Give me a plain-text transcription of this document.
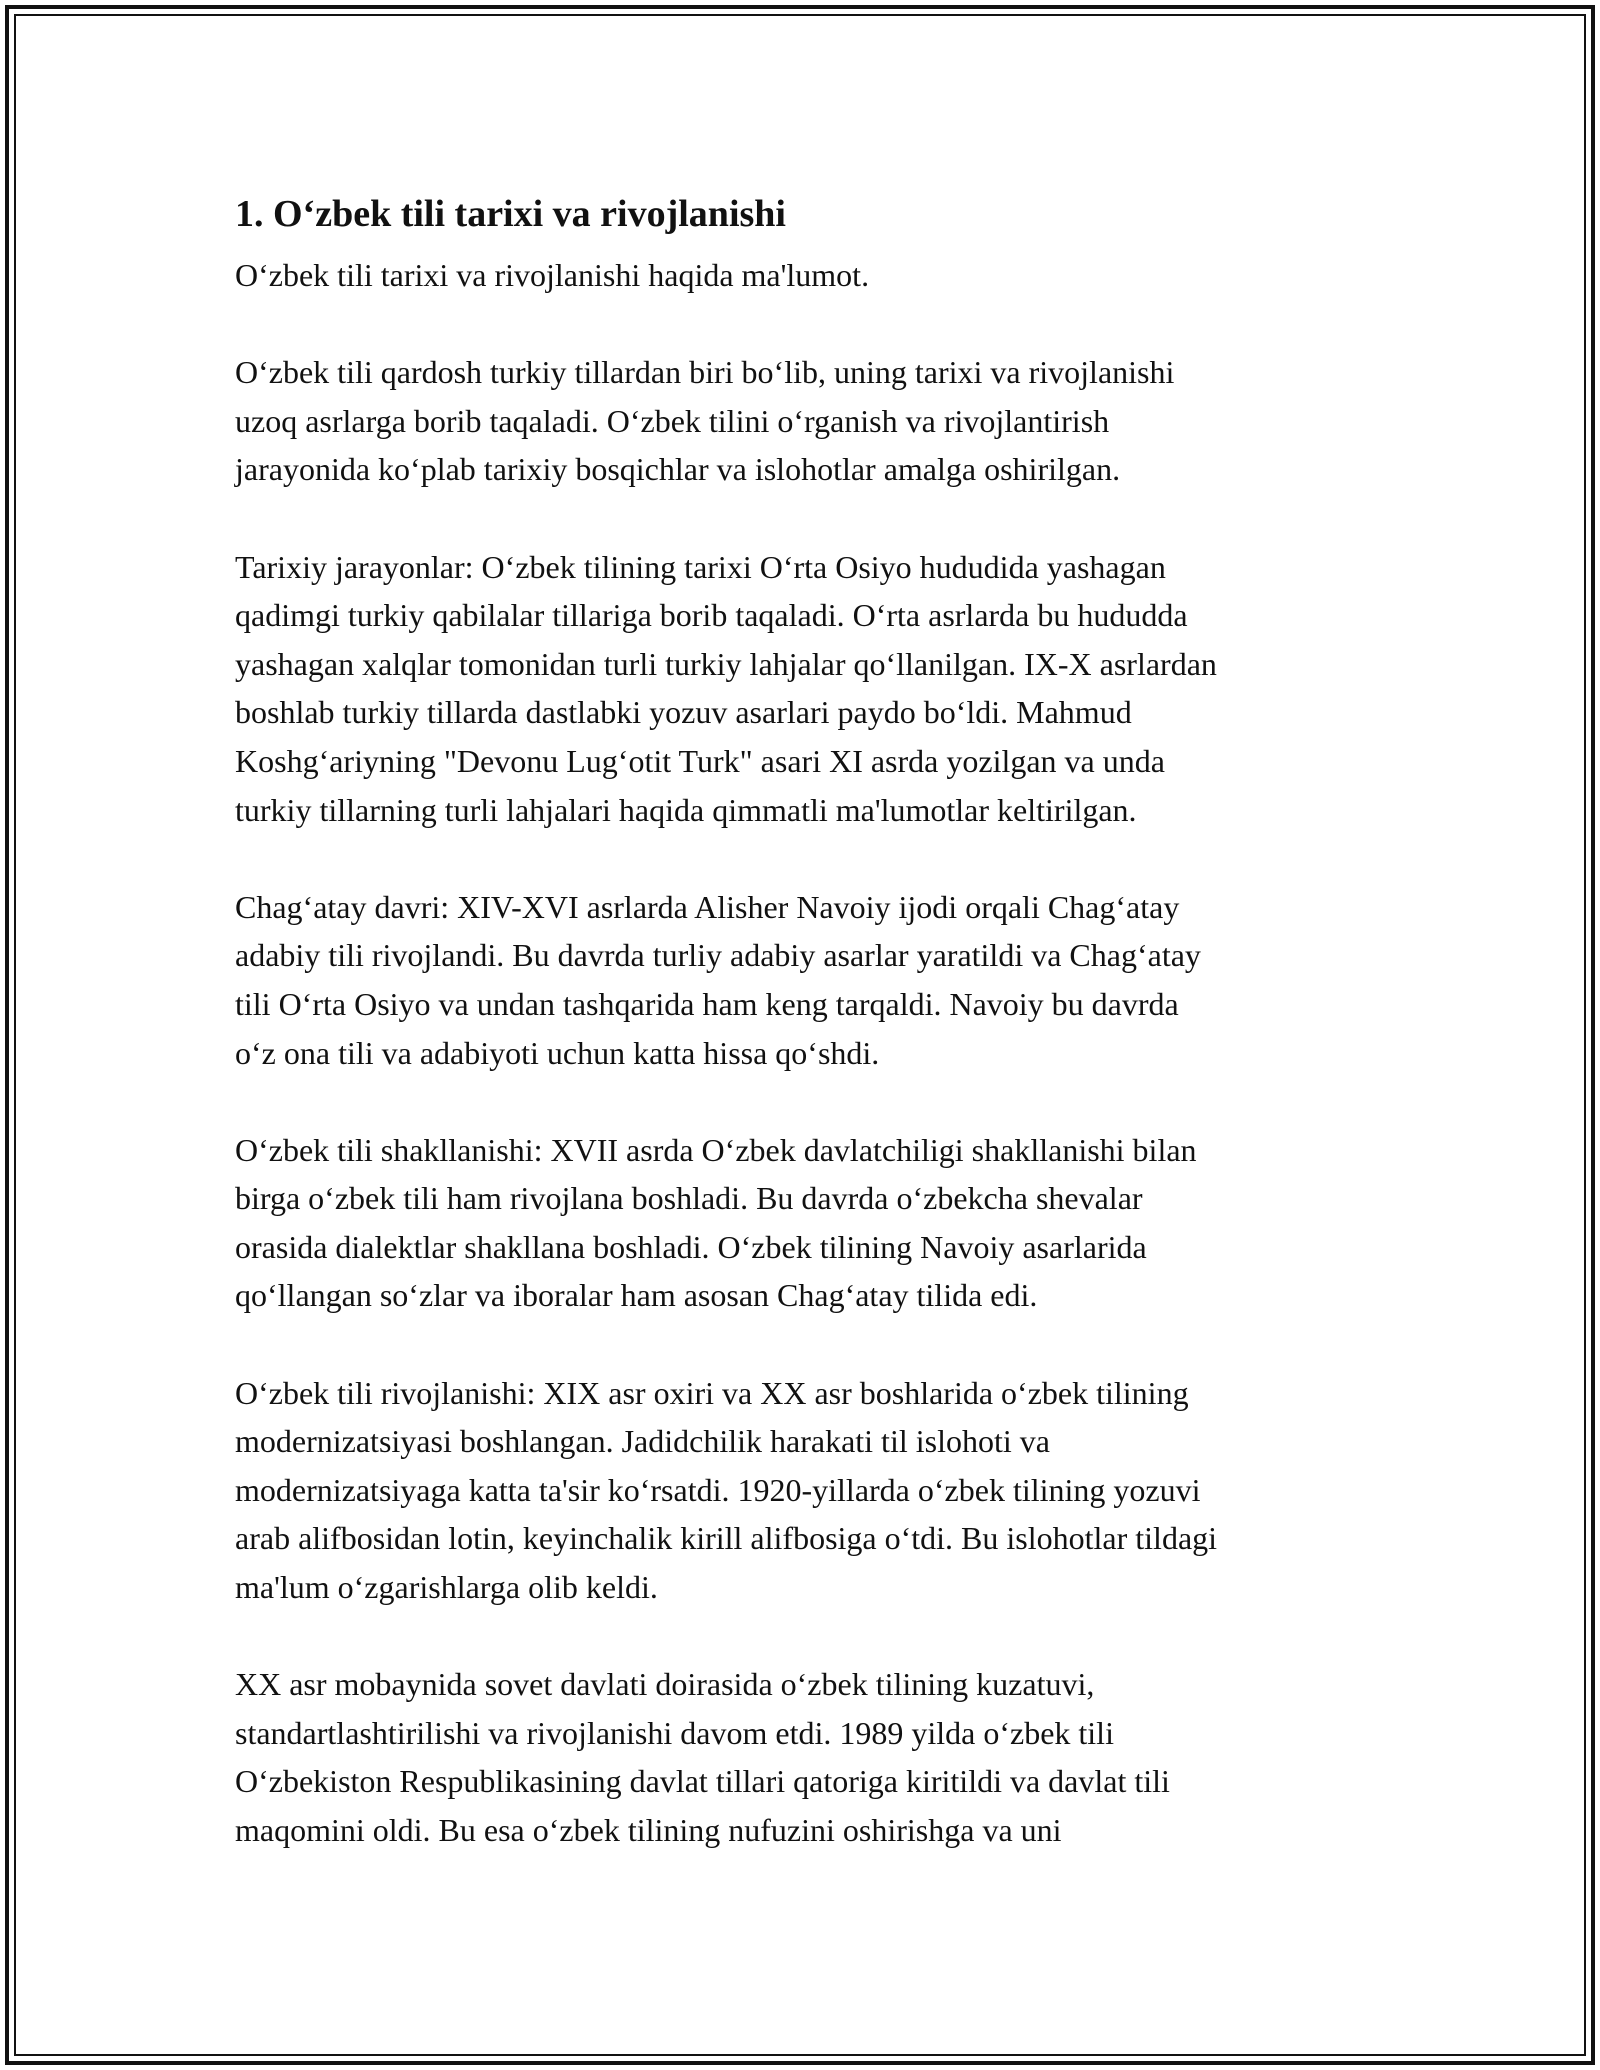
1. O‘zbek tili tarixi va rivojlanishi

O‘zbek tili tarixi va rivojlanishi haqida ma'lumot.

O‘zbek tili qardosh turkiy tillardan biri bo‘lib, uning tarixi va rivojlanishi
uzoq asrlarga borib taqaladi. O‘zbek tilini o‘rganish va rivojlantirish
jarayonida ko‘plab tarixiy bosqichlar va islohotlar amalga oshirilgan.

Tarixiy jarayonlar: O‘zbek tilining tarixi O‘rta Osiyo hududida yashagan
qadimgi turkiy qabilalar tillariga borib taqaladi. O‘rta asrlarda bu hududda
yashagan xalqlar tomonidan turli turkiy lahjalar qo‘llanilgan. IX-X asrlardan
boshlab turkiy tillarda dastlabki yozuv asarlari paydo bo‘ldi. Mahmud
Koshg‘ariyning "Devonu Lug‘otit Turk" asari XI asrda yozilgan va unda
turkiy tillarning turli lahjalari haqida qimmatli ma'lumotlar keltirilgan.

Chag‘atay davri: XIV-XVI asrlarda Alisher Navoiy ijodi orqali Chag‘atay
adabiy tili rivojlandi. Bu davrda turliy adabiy asarlar yaratildi va Chag‘atay
tili O‘rta Osiyo va undan tashqarida ham keng tarqaldi. Navoiy bu davrda
o‘z ona tili va adabiyoti uchun katta hissa qo‘shdi.

O‘zbek tili shakllanishi: XVII asrda O‘zbek davlatchiligi shakllanishi bilan
birga o‘zbek tili ham rivojlana boshladi. Bu davrda o‘zbekcha shevalar
orasida dialektlar shakllana boshladi. O‘zbek tilining Navoiy asarlarida
qo‘llangan so‘zlar va iboralar ham asosan Chag‘atay tilida edi.

O‘zbek tili rivojlanishi: XIX asr oxiri va XX asr boshlarida o‘zbek tilining
modernizatsiyasi boshlangan. Jadidchilik harakati til islohoti va
modernizatsiyaga katta ta'sir ko‘rsatdi. 1920-yillarda o‘zbek tilining yozuvi
arab alifbosidan lotin, keyinchalik kirill alifbosiga o‘tdi. Bu islohotlar tildagi
ma'lum o‘zgarishlarga olib keldi.

XX asr mobaynida sovet davlati doirasida o‘zbek tilining kuzatuvi,
standartlashtirilishi va rivojlanishi davom etdi. 1989 yilda o‘zbek tili
O‘zbekiston Respublikasining davlat tillari qatoriga kiritildi va davlat tili
maqomini oldi. Bu esa o‘zbek tilining nufuzini oshirishga va uni
